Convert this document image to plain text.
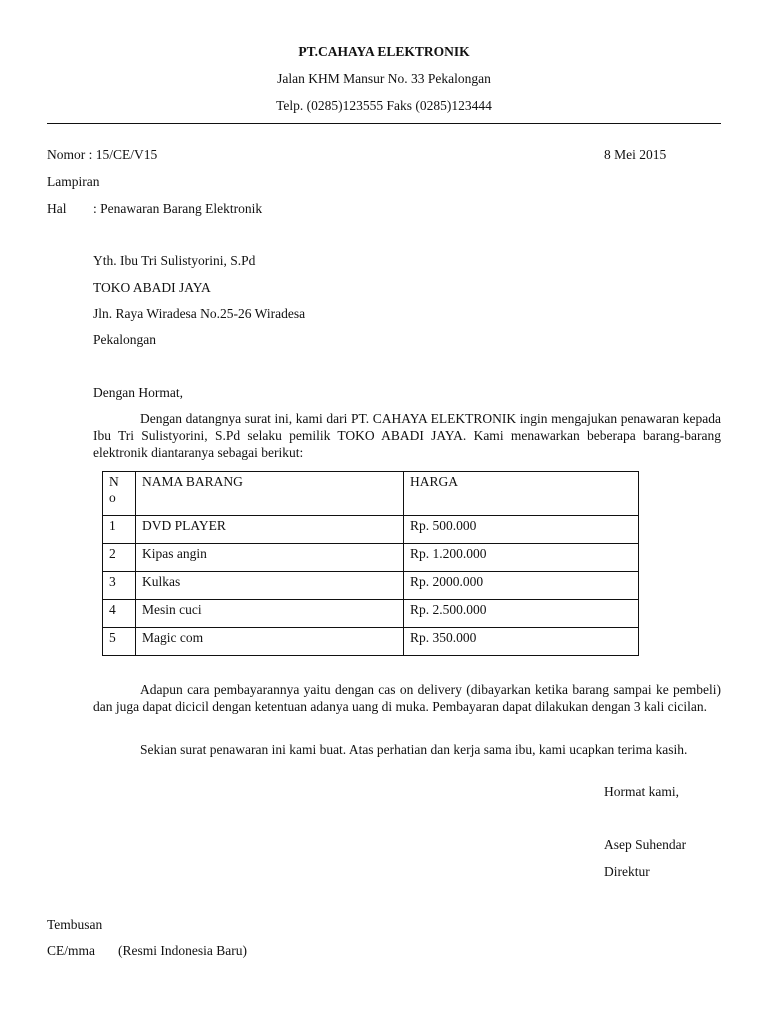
PT.CAHAYA ELEKTRONIK
Jalan KHM Mansur No. 33 Pekalongan
Telp. (0285)123555 Faks (0285)123444
Nomor : 15/CE/V15	8 Mei 2015
Lampiran
Hal : Penawaran Barang Elektronik
Yth. Ibu Tri Sulistyorini, S.Pd
TOKO ABADI JAYA
Jln. Raya Wiradesa No.25-26 Wiradesa
Pekalongan
Dengan Hormat,
Dengan datangnya surat ini, kami dari PT. CAHAYA ELEKTRONIK ingin mengajukan penawaran kepada Ibu Tri Sulistyorini, S.Pd selaku pemilik TOKO ABADI JAYA. Kami menawarkan beberapa barang-barang elektronik diantaranya sebagai berikut:
No	NAMA BARANG	HARGA
1	DVD PLAYER	Rp. 500.000
2	Kipas angin	Rp. 1.200.000
3	Kulkas	Rp. 2000.000
4	Mesin cuci	Rp. 2.500.000
5	Magic com	Rp. 350.000
Adapun cara pembayarannya yaitu dengan cas on delivery (dibayarkan ketika barang sampai ke pembeli) dan juga dapat dicicil dengan ketentuan adanya uang di muka. Pembayaran dapat dilakukan dengan 3 kali cicilan.
Sekian surat penawaran ini kami buat. Atas perhatian dan kerja sama ibu, kami ucapkan terima kasih.
Hormat kami,
Asep Suhendar
Direktur
Tembusan
CE/mma (Resmi Indonesia Baru)
